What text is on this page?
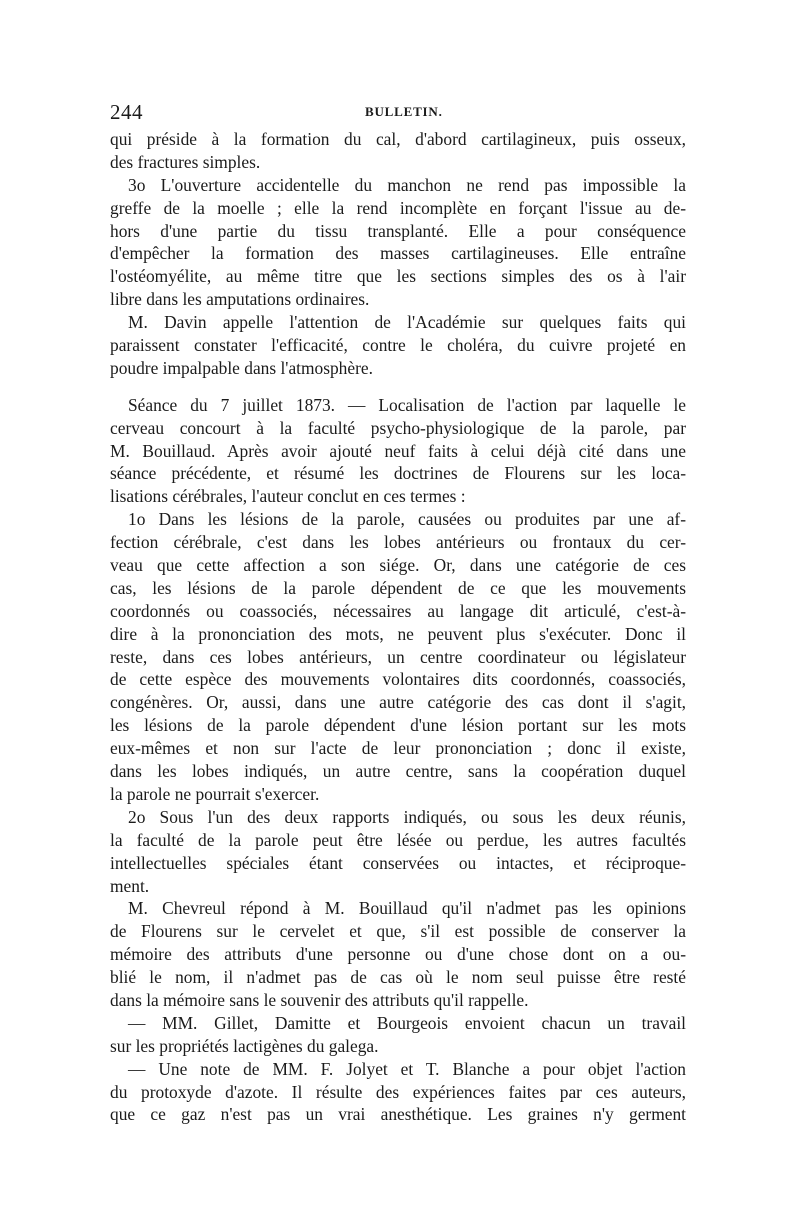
244	BULLETIN.
qui préside à la formation du cal, d'abord cartilagineux, puis osseux,
des fractures simples.
3o L'ouverture accidentelle du manchon ne rend pas impossible la
greffe de la moelle ; elle la rend incomplète en forçant l'issue au de-
hors d'une partie du tissu transplanté. Elle a pour conséquence
d'empêcher la formation des masses cartilagineuses. Elle entraîne
l'ostéomyélite, au même titre que les sections simples des os à l'air
libre dans les amputations ordinaires.
M. Davin appelle l'attention de l'Académie sur quelques faits qui
paraissent constater l'efficacité, contre le choléra, du cuivre projeté en
poudre impalpable dans l'atmosphère.
Séance du 7 juillet 1873. — Localisation de l'action par laquelle le
cerveau concourt à la faculté psycho-physiologique de la parole, par
M. Bouillaud. Après avoir ajouté neuf faits à celui déjà cité dans une
séance précédente, et résumé les doctrines de Flourens sur les loca-
lisations cérébrales, l'auteur conclut en ces termes :
1o Dans les lésions de la parole, causées ou produites par une af-
fection cérébrale, c'est dans les lobes antérieurs ou frontaux du cer-
veau que cette affection a son siége. Or, dans une catégorie de ces
cas, les lésions de la parole dépendent de ce que les mouvements
coordonnés ou coassociés, nécessaires au langage dit articulé, c'est-à-
dire à la prononciation des mots, ne peuvent plus s'exécuter. Donc il
reste, dans ces lobes antérieurs, un centre coordinateur ou législateur
de cette espèce des mouvements volontaires dits coordonnés, coassociés,
congénères. Or, aussi, dans une autre catégorie des cas dont il s'agit,
les lésions de la parole dépendent d'une lésion portant sur les mots
eux-mêmes et non sur l'acte de leur prononciation ; donc il existe,
dans les lobes indiqués, un autre centre, sans la coopération duquel
la parole ne pourrait s'exercer.
2o Sous l'un des deux rapports indiqués, ou sous les deux réunis,
la faculté de la parole peut être lésée ou perdue, les autres facultés
intellectuelles spéciales étant conservées ou intactes, et réciproque-
ment.
M. Chevreul répond à M. Bouillaud qu'il n'admet pas les opinions
de Flourens sur le cervelet et que, s'il est possible de conserver la
mémoire des attributs d'une personne ou d'une chose dont on a ou-
blié le nom, il n'admet pas de cas où le nom seul puisse être resté
dans la mémoire sans le souvenir des attributs qu'il rappelle.
— MM. Gillet, Damitte et Bourgeois envoient chacun un travail
sur les propriétés lactigènes du galega.
— Une note de MM. F. Jolyet et T. Blanche a pour objet l'action
du protoxyde d'azote. Il résulte des expériences faites par ces auteurs,
que ce gaz n'est pas un vrai anesthétique. Les graines n'y germent
